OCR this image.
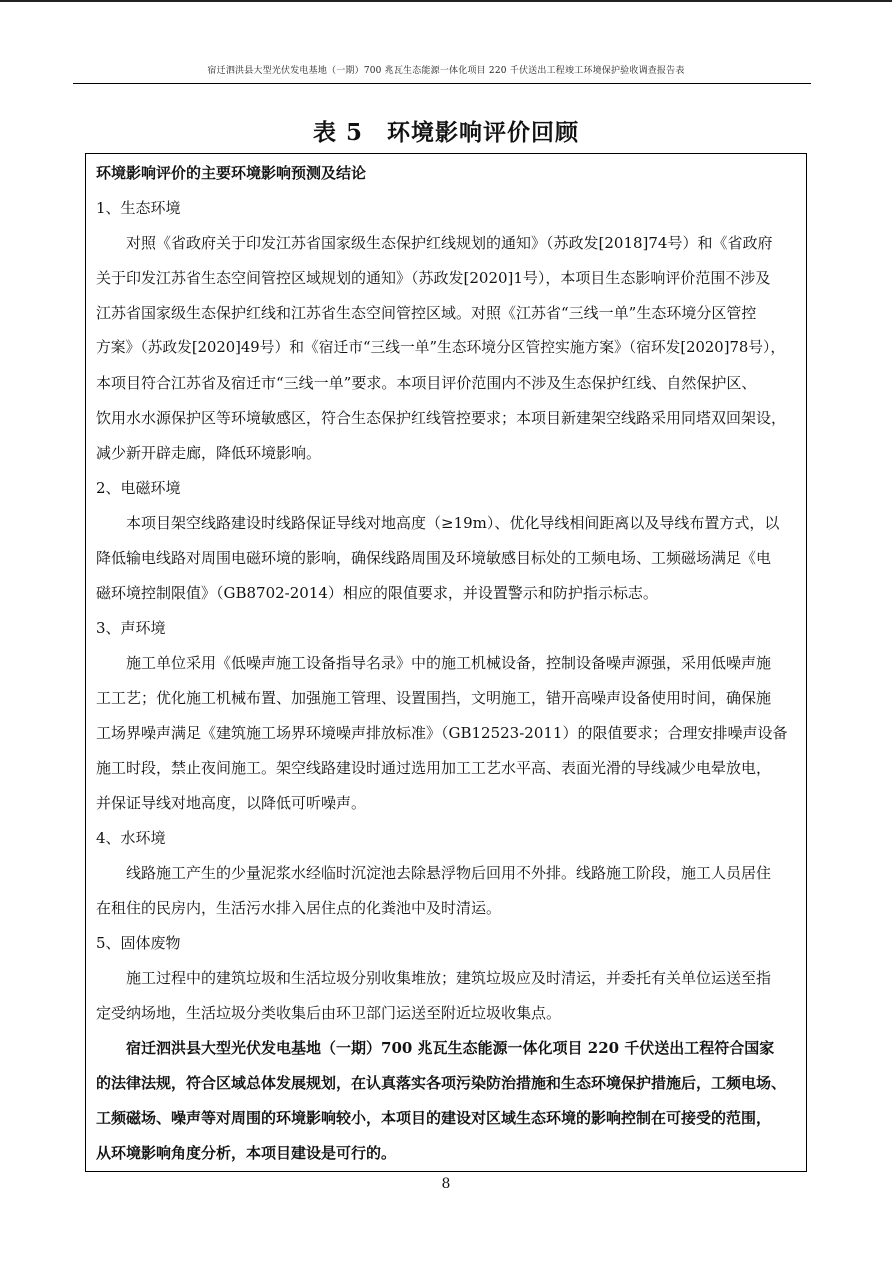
宿迁泗洪县大型光伏发电基地（一期）700 兆瓦生态能源一体化项目 220 千伏送出工程竣工环境保护验收调查报告表
表 5　环境影响评价回顾
环境影响评价的主要环境影响预测及结论
1、生态环境
　　对照《省政府关于印发江苏省国家级生态保护红线规划的通知》（苏政发[2018]74号）和《省政府
关于印发江苏省生态空间管控区域规划的通知》（苏政发[2020]1号），本项目生态影响评价范围不涉及
江苏省国家级生态保护红线和江苏省生态空间管控区域。对照《江苏省“三线一单”生态环境分区管控
方案》（苏政发[2020]49号）和《宿迁市“三线一单”生态环境分区管控实施方案》（宿环发[2020]78号），
本项目符合江苏省及宿迁市“三线一单”要求。本项目评价范围内不涉及生态保护红线、自然保护区、
饮用水水源保护区等环境敏感区，符合生态保护红线管控要求；本项目新建架空线路采用同塔双回架设，
减少新开辟走廊，降低环境影响。
2、电磁环境
　　本项目架空线路建设时线路保证导线对地高度（≥19m）、优化导线相间距离以及导线布置方式，以
降低输电线路对周围电磁环境的影响，确保线路周围及环境敏感目标处的工频电场、工频磁场满足《电
磁环境控制限值》（GB8702-2014）相应的限值要求，并设置警示和防护指示标志。
3、声环境
　　施工单位采用《低噪声施工设备指导名录》中的施工机械设备，控制设备噪声源强，采用低噪声施
工工艺；优化施工机械布置、加强施工管理、设置围挡，文明施工，错开高噪声设备使用时间，确保施
工场界噪声满足《建筑施工场界环境噪声排放标准》（GB12523-2011）的限值要求；合理安排噪声设备
施工时段，禁止夜间施工。架空线路建设时通过选用加工工艺水平高、表面光滑的导线减少电晕放电，
并保证导线对地高度，以降低可听噪声。
4、水环境
　　线路施工产生的少量泥浆水经临时沉淀池去除悬浮物后回用不外排。线路施工阶段，施工人员居住
在租住的民房内，生活污水排入居住点的化粪池中及时清运。
5、固体废物
　　施工过程中的建筑垃圾和生活垃圾分别收集堆放；建筑垃圾应及时清运，并委托有关单位运送至指
定受纳场地，生活垃圾分类收集后由环卫部门运送至附近垃圾收集点。
　　宿迁泗洪县大型光伏发电基地（一期）700 兆瓦生态能源一体化项目 220 千伏送出工程符合国家
的法律法规，符合区域总体发展规划，在认真落实各项污染防治措施和生态环境保护措施后，工频电场、
工频磁场、噪声等对周围的环境影响较小，本项目的建设对区域生态环境的影响控制在可接受的范围，
从环境影响角度分析，本项目建设是可行的。
8
